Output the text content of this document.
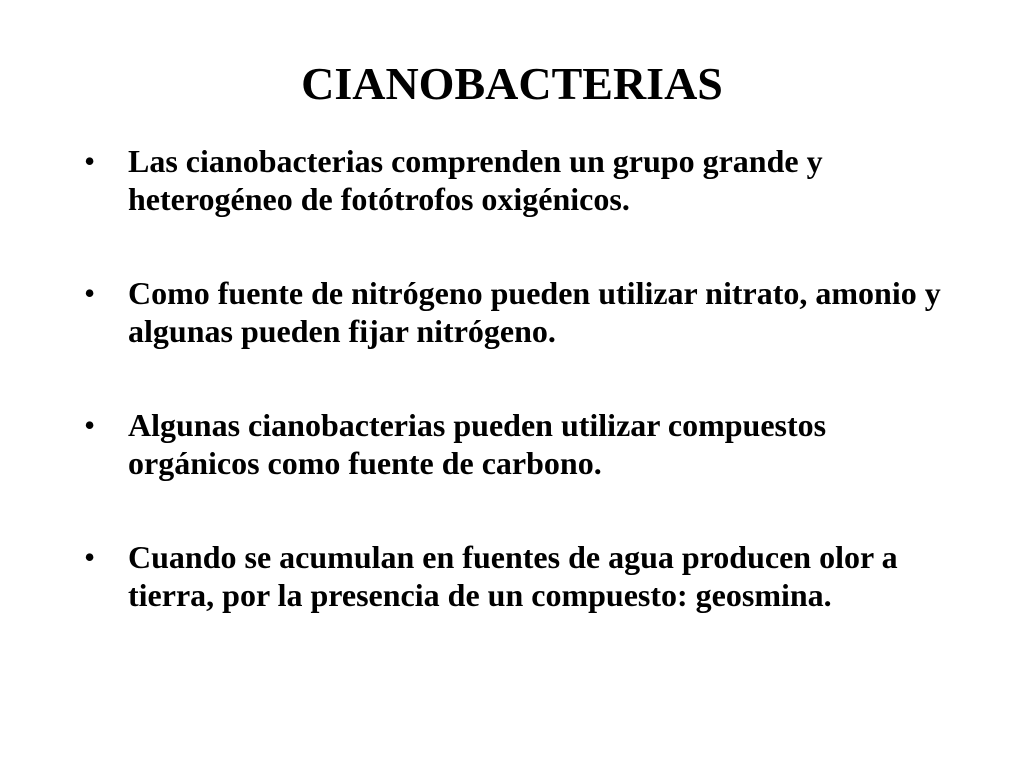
CIANOBACTERIAS
• Las cianobacterias comprenden un grupo grande y heterogéneo de fotótrofos oxigénicos.
• Como fuente de nitrógeno pueden utilizar nitrato, amonio y algunas pueden fijar nitrógeno.
• Algunas cianobacterias pueden utilizar compuestos orgánicos como fuente de carbono.
• Cuando se acumulan en fuentes de agua producen olor a tierra, por la presencia de un compuesto: geosmina.
